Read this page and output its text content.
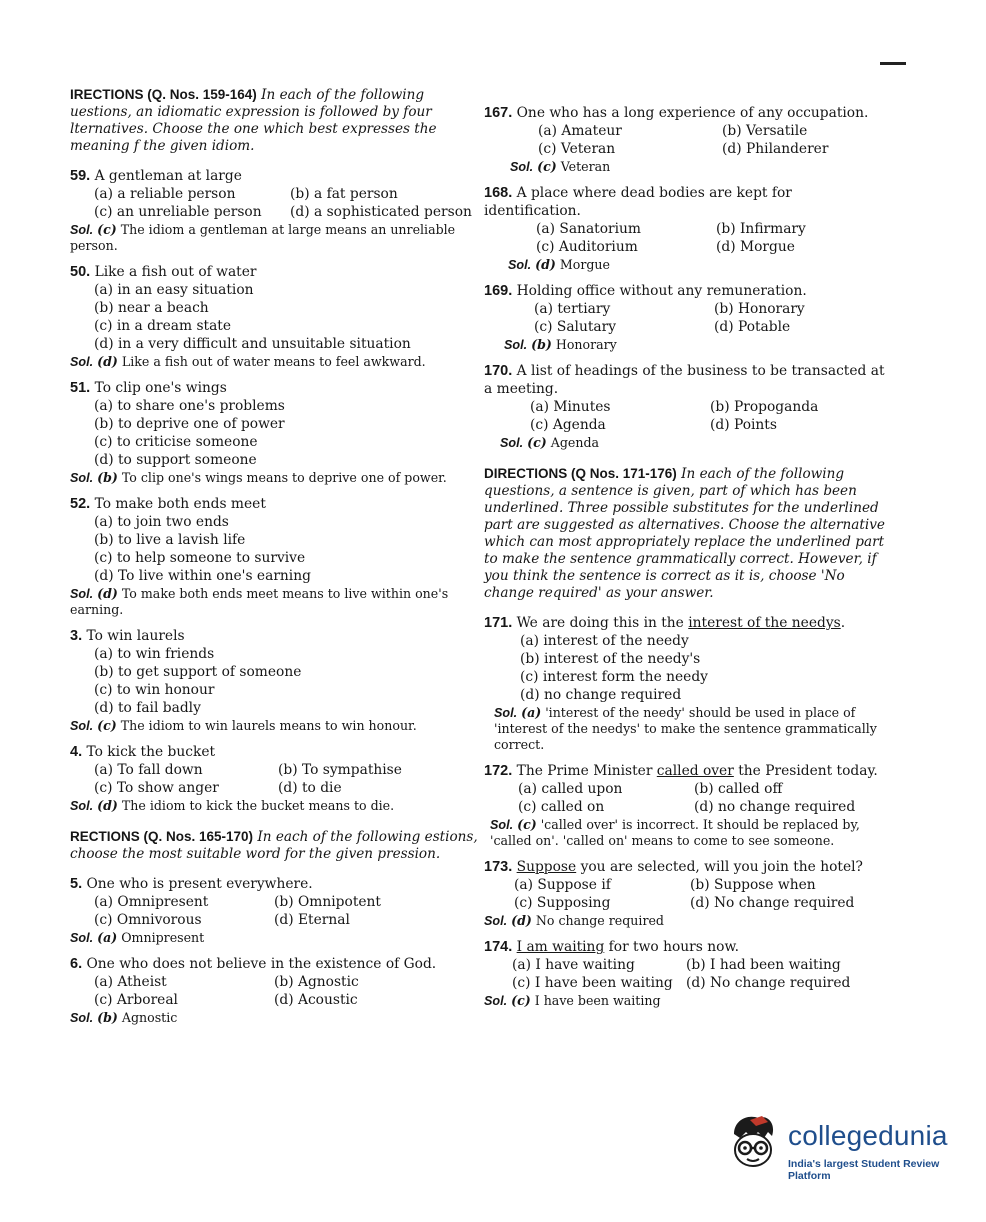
IRECTIONS (Q. Nos. 159-164) In each of the following uestions, an idiomatic expression is followed by four lternatives. Choose the one which best expresses the meaning f the given idiom.
59. A gentleman at large
(a) a reliable person	(b) a fat person
(c) an unreliable person	(d) a sophisticated person
Sol. (c) The idiom a gentleman at large means an unreliable person.
50. Like a fish out of water
(a) in an easy situation
(b) near a beach
(c) in a dream state
(d) in a very difficult and unsuitable situation
Sol. (d) Like a fish out of water means to feel awkward.
51. To clip one's wings
(a) to share one's problems
(b) to deprive one of power
(c) to criticise someone
(d) to support someone
Sol. (b) To clip one's wings means to deprive one of power.
52. To make both ends meet
(a) to join two ends
(b) to live a lavish life
(c) to help someone to survive
(d) To live within one's earning
Sol. (d) To make both ends meet means to live within one's earning.
3. To win laurels
(a) to win friends
(b) to get support of someone
(c) to win honour
(d) to fail badly
Sol. (c) The idiom to win laurels means to win honour.
4. To kick the bucket
(a) To fall down	(b) To sympathise
(c) To show anger	(d) to die
Sol. (d) The idiom to kick the bucket means to die.
RECTIONS (Q. Nos. 165-170) In each of the following estions, choose the most suitable word for the given pression.
5. One who is present everywhere.
(a) Omnipresent	(b) Omnipotent
(c) Omnivorous	(d) Eternal
Sol. (a) Omnipresent
6. One who does not believe in the existence of God.
(a) Atheist	(b) Agnostic
(c) Arboreal	(d) Acoustic
Sol. (b) Agnostic
167. One who has a long experience of any occupation.
(a) Amateur	(b) Versatile
(c) Veteran	(d) Philanderer
Sol. (c) Veteran
168. A place where dead bodies are kept for identification.
(a) Sanatorium	(b) Infirmary
(c) Auditorium	(d) Morgue
Sol. (d) Morgue
169. Holding office without any remuneration.
(a) tertiary	(b) Honorary
(c) Salutary	(d) Potable
Sol. (b) Honorary
170. A list of headings of the business to be transacted at a meeting.
(a) Minutes	(b) Propoganda
(c) Agenda	(d) Points
Sol. (c) Agenda
DIRECTIONS (Q Nos. 171-176) In each of the following questions, a sentence is given, part of which has been underlined. Three possible substitutes for the underlined part are suggested as alternatives. Choose the alternative which can most appropriately replace the underlined part to make the sentence grammatically correct. However, if you think the sentence is correct as it is, choose 'No change required' as your answer.
171. We are doing this in the interest of the needys.
(a) interest of the needy
(b) interest of the needy's
(c) interest form the needy
(d) no change required
Sol. (a) 'interest of the needy' should be used in place of 'interest of the needys' to make the sentence grammatically correct.
172. The Prime Minister called over the President today.
(a) called upon	(b) called off
(c) called on	(d) no change required
Sol. (c) 'called over' is incorrect. It should be replaced by, 'called on'. 'called on' means to come to see someone.
173. Suppose you are selected, will you join the hotel?
(a) Suppose if	(b) Suppose when
(c) Supposing	(d) No change required
Sol. (d) No change required
174. I am waiting for two hours now.
(a) I have waiting	(b) I had been waiting
(c) I have been waiting (d) No change required
Sol. (c) I have been waiting
collegedunia
India's largest Student Review Platform
